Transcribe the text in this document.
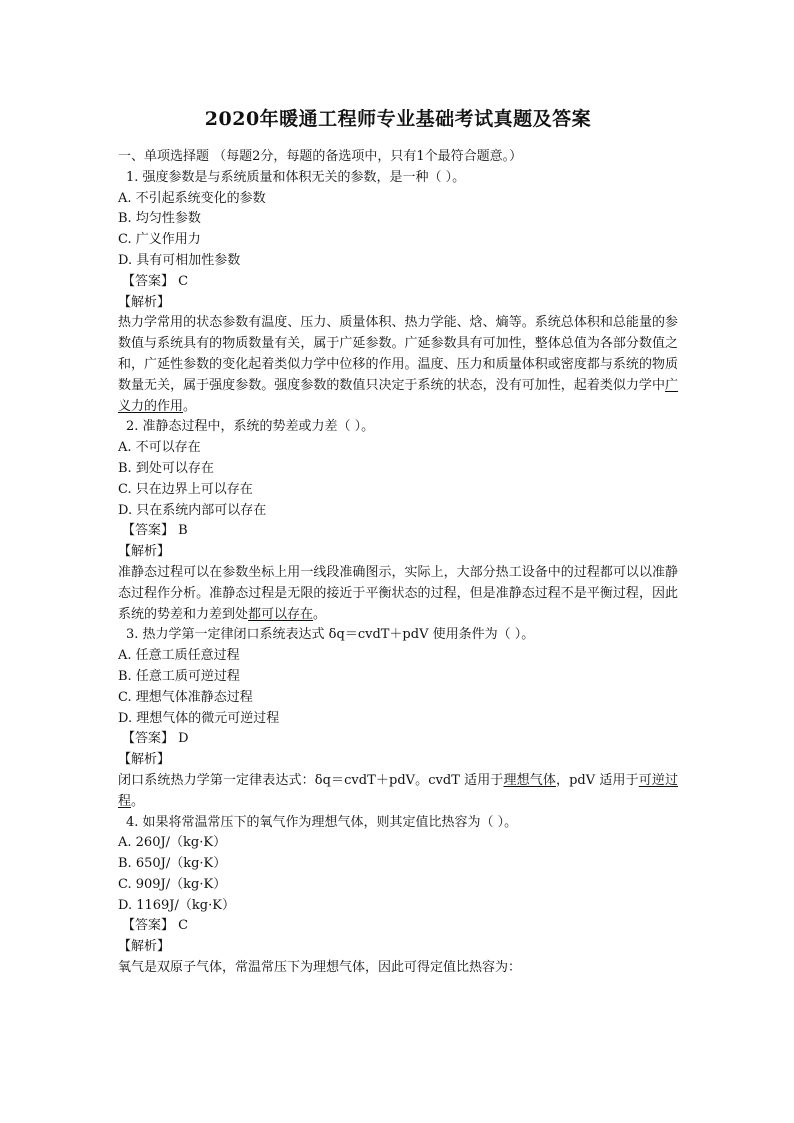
2020年暖通工程师专业基础考试真题及答案
一、单项选择题 （每题2分，每题的备选项中，只有1个最符合题意。）
1. 强度参数是与系统质量和体积无关的参数，是一种（ ）。
A. 不引起系统变化的参数
B. 均匀性参数
C. 广义作用力
D. 具有可相加性参数
【答案】 C
【解析】

热力学常用的状态参数有温度、压力、质量体积、热力学能、焓、熵等。系统总体积和总能量的参数值与系统具有的物质数量有关，属于广延参数。广延参数具有可加性，整体总值为各部分数值之和，广延性参数的变化起着类似力学中位移的作用。温度、压力和质量体积或密度都与系统的物质数量无关，属于强度参数。强度参数的数值只决定于系统的状态，没有可加性，起着类似力学中广义力的作用。

2. 准静态过程中，系统的势差或力差（ ）。
A. 不可以存在
B. 到处可以存在
C. 只在边界上可以存在
D. 只在系统内部可以存在
【答案】 B
【解析】

准静态过程可以在参数坐标上用一线段准确图示，实际上，大部分热工设备中的过程都可以以准静态过程作分析。准静态过程是无限的接近于平衡状态的过程，但是准静态过程不是平衡过程，因此系统的势差和力差到处都可以存在。

3. 热力学第一定律闭口系统表达式 δq＝cvdT＋pdV 使用条件为（ ）。
A. 任意工质任意过程
B. 任意工质可逆过程
C. 理想气体准静态过程
D. 理想气体的微元可逆过程
【答案】 D
【解析】

闭口系统热力学第一定律表达式：δq＝cvdT＋pdV。cvdT 适用于理想气体，pdV 适用于可逆过程。

4. 如果将常温常压下的氧气作为理想气体，则其定值比热容为（ ）。
A. 260J/（kg·K）
B. 650J/（kg·K）
C. 909J/（kg·K）
D. 1169J/（kg·K）
【答案】 C
【解析】

氧气是双原子气体，常温常压下为理想气体，因此可得定值比热容为：
